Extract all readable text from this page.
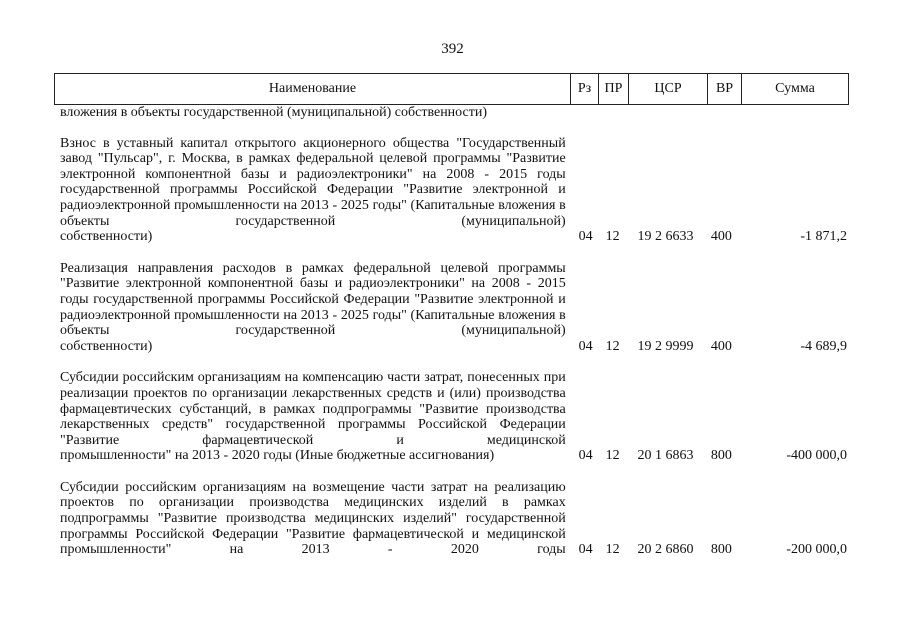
392
Наименование	Рз ПР	ЦСР	ВР	Сумма
вложения в объекты государственной (муниципальной) собственности)
Взнос в уставный капитал открытого акционерного общества "Государственный завод "Пульсар", г. Москва, в рамках федеральной целевой программы "Развитие электронной компонентной базы и радиоэлектроники" на 2008 - 2015 годы государственной программы Российской Федерации "Развитие электронной и радиоэлектронной промышленности на 2013 - 2025 годы" (Капитальные вложения в объекты государственной (муниципальной)
собственности)	04 12	19 2 6633	400	-1 871,2
Реализация направления расходов в рамках федеральной целевой программы "Развитие электронной компонентной базы и радиоэлектроники" на 2008 - 2015 годы государственной программы Российской Федерации "Развитие электронной и радиоэлектронной промышленности на 2013 - 2025 годы" (Капитальные вложения в объекты государственной (муниципальной)
собственности)	04 12	19 2 9999	400	-4 689,9
Субсидии российским организациям на компенсацию части затрат, понесенных при реализации проектов по организации лекарственных средств и (или) производства фармацевтических субстанций, в рамках подпрограммы "Развитие производства лекарственных средств" государственной программы Российской Федерации "Развитие фармацевтической и медицинской
промышленности" на 2013 - 2020 годы (Иные бюджетные ассигнования)	04 12	20 1 6863	800	-400 000,0
Субсидии российским организациям на возмещение части затрат на реализацию проектов по организации производства медицинских изделий в рамках подпрограммы "Развитие производства медицинских изделий" государственной программы Российской Федерации "Развитие фармацевтической и медицинской промышленности" на 2013 - 2020 годы 04 12	20 2 6860	800	-200 000,0
